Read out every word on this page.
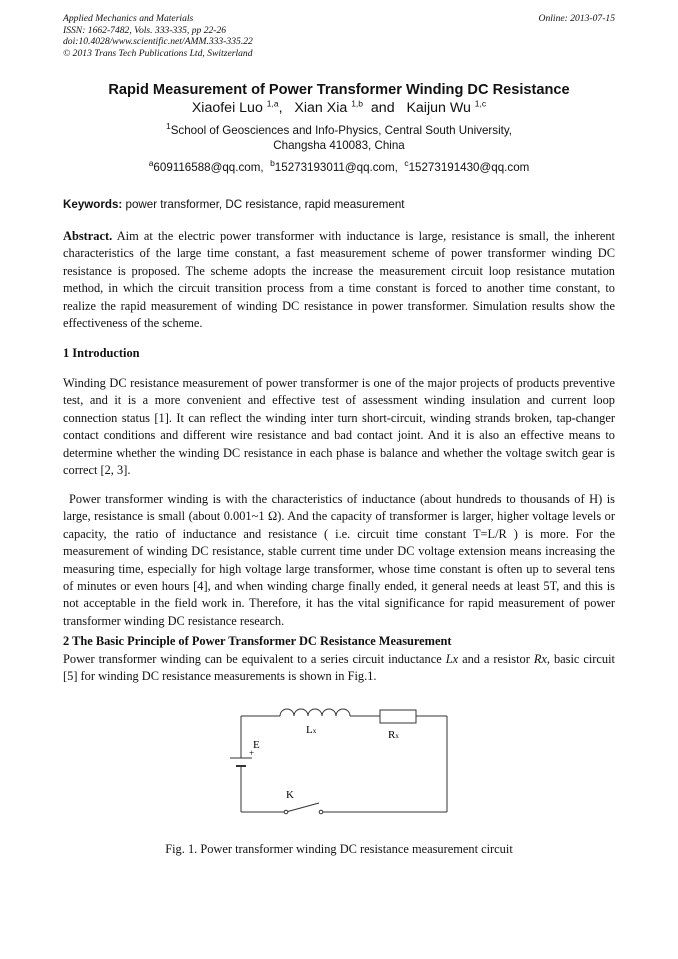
Applied Mechanics and Materials
ISSN: 1662-7482, Vols. 333-335, pp 22-26
doi:10.4028/www.scientific.net/AMM.333-335.22
© 2013 Trans Tech Publications Ltd, Switzerland
Online: 2013-07-15
Rapid Measurement of Power Transformer Winding DC Resistance
Xiaofei Luo $^{1,a}$,   Xian Xia $^{1,b}$  and   Kaijun Wu $^{1,c}$
$^1$School of Geosciences and Info-Physics, Central South University,
Changsha 410083, China
$^a$609116588@qq.com,  $^b$15273193011@qq.com,  $^c$15273191430@qq.com
Keywords: power transformer, DC resistance, rapid measurement
Abstract. Aim at the electric power transformer with inductance is large, resistance is small, the inherent characteristics of the large time constant, a fast measurement scheme of power transformer winding DC resistance is proposed. The scheme adopts the increase the measurement circuit loop resistance mutation method, in which the circuit transition process from a time constant is forced to another time constant, to realize the rapid measurement of winding DC resistance in power transformer. Simulation results show the effectiveness of the scheme.
1 Introduction
Winding DC resistance measurement of power transformer is one of the major projects of products preventive test, and it is a more convenient and effective test of assessment winding insulation and current loop connection status [1]. It can reflect the winding inter turn short-circuit, winding strands broken, tap-changer contact conditions and different wire resistance and bad contact joint. And it is also an effective means to determine whether the winding DC resistance in each phase is balance and whether the voltage switch gear is correct [2, 3].
Power transformer winding is with the characteristics of inductance (about hundreds to thousands of H) is large, resistance is small (about 0.001~1 Ω). And the capacity of transformer is larger, higher voltage levels or capacity, the ratio of inductance and resistance ( i.e. circuit time constant T=L/R ) is more. For the measurement of winding DC resistance, stable current time under DC voltage extension means increasing the measuring time, especially for high voltage large transformer, whose time constant is often up to several tens of minutes or even hours [4], and when winding charge finally ended, it general needs at least 5T, and this is not acceptable in the field work in. Therefore, it has the vital significance for rapid measurement of power transformer winding DC resistance research.
2 The Basic Principle of Power Transformer DC Resistance Measurement
Power transformer winding can be equivalent to a series circuit inductance Lx and a resistor Rx, basic circuit [5] for winding DC resistance measurements is shown in Fig.1.
Lx	Rx
E
+
K
Fig. 1. Power transformer winding DC resistance measurement circuit
